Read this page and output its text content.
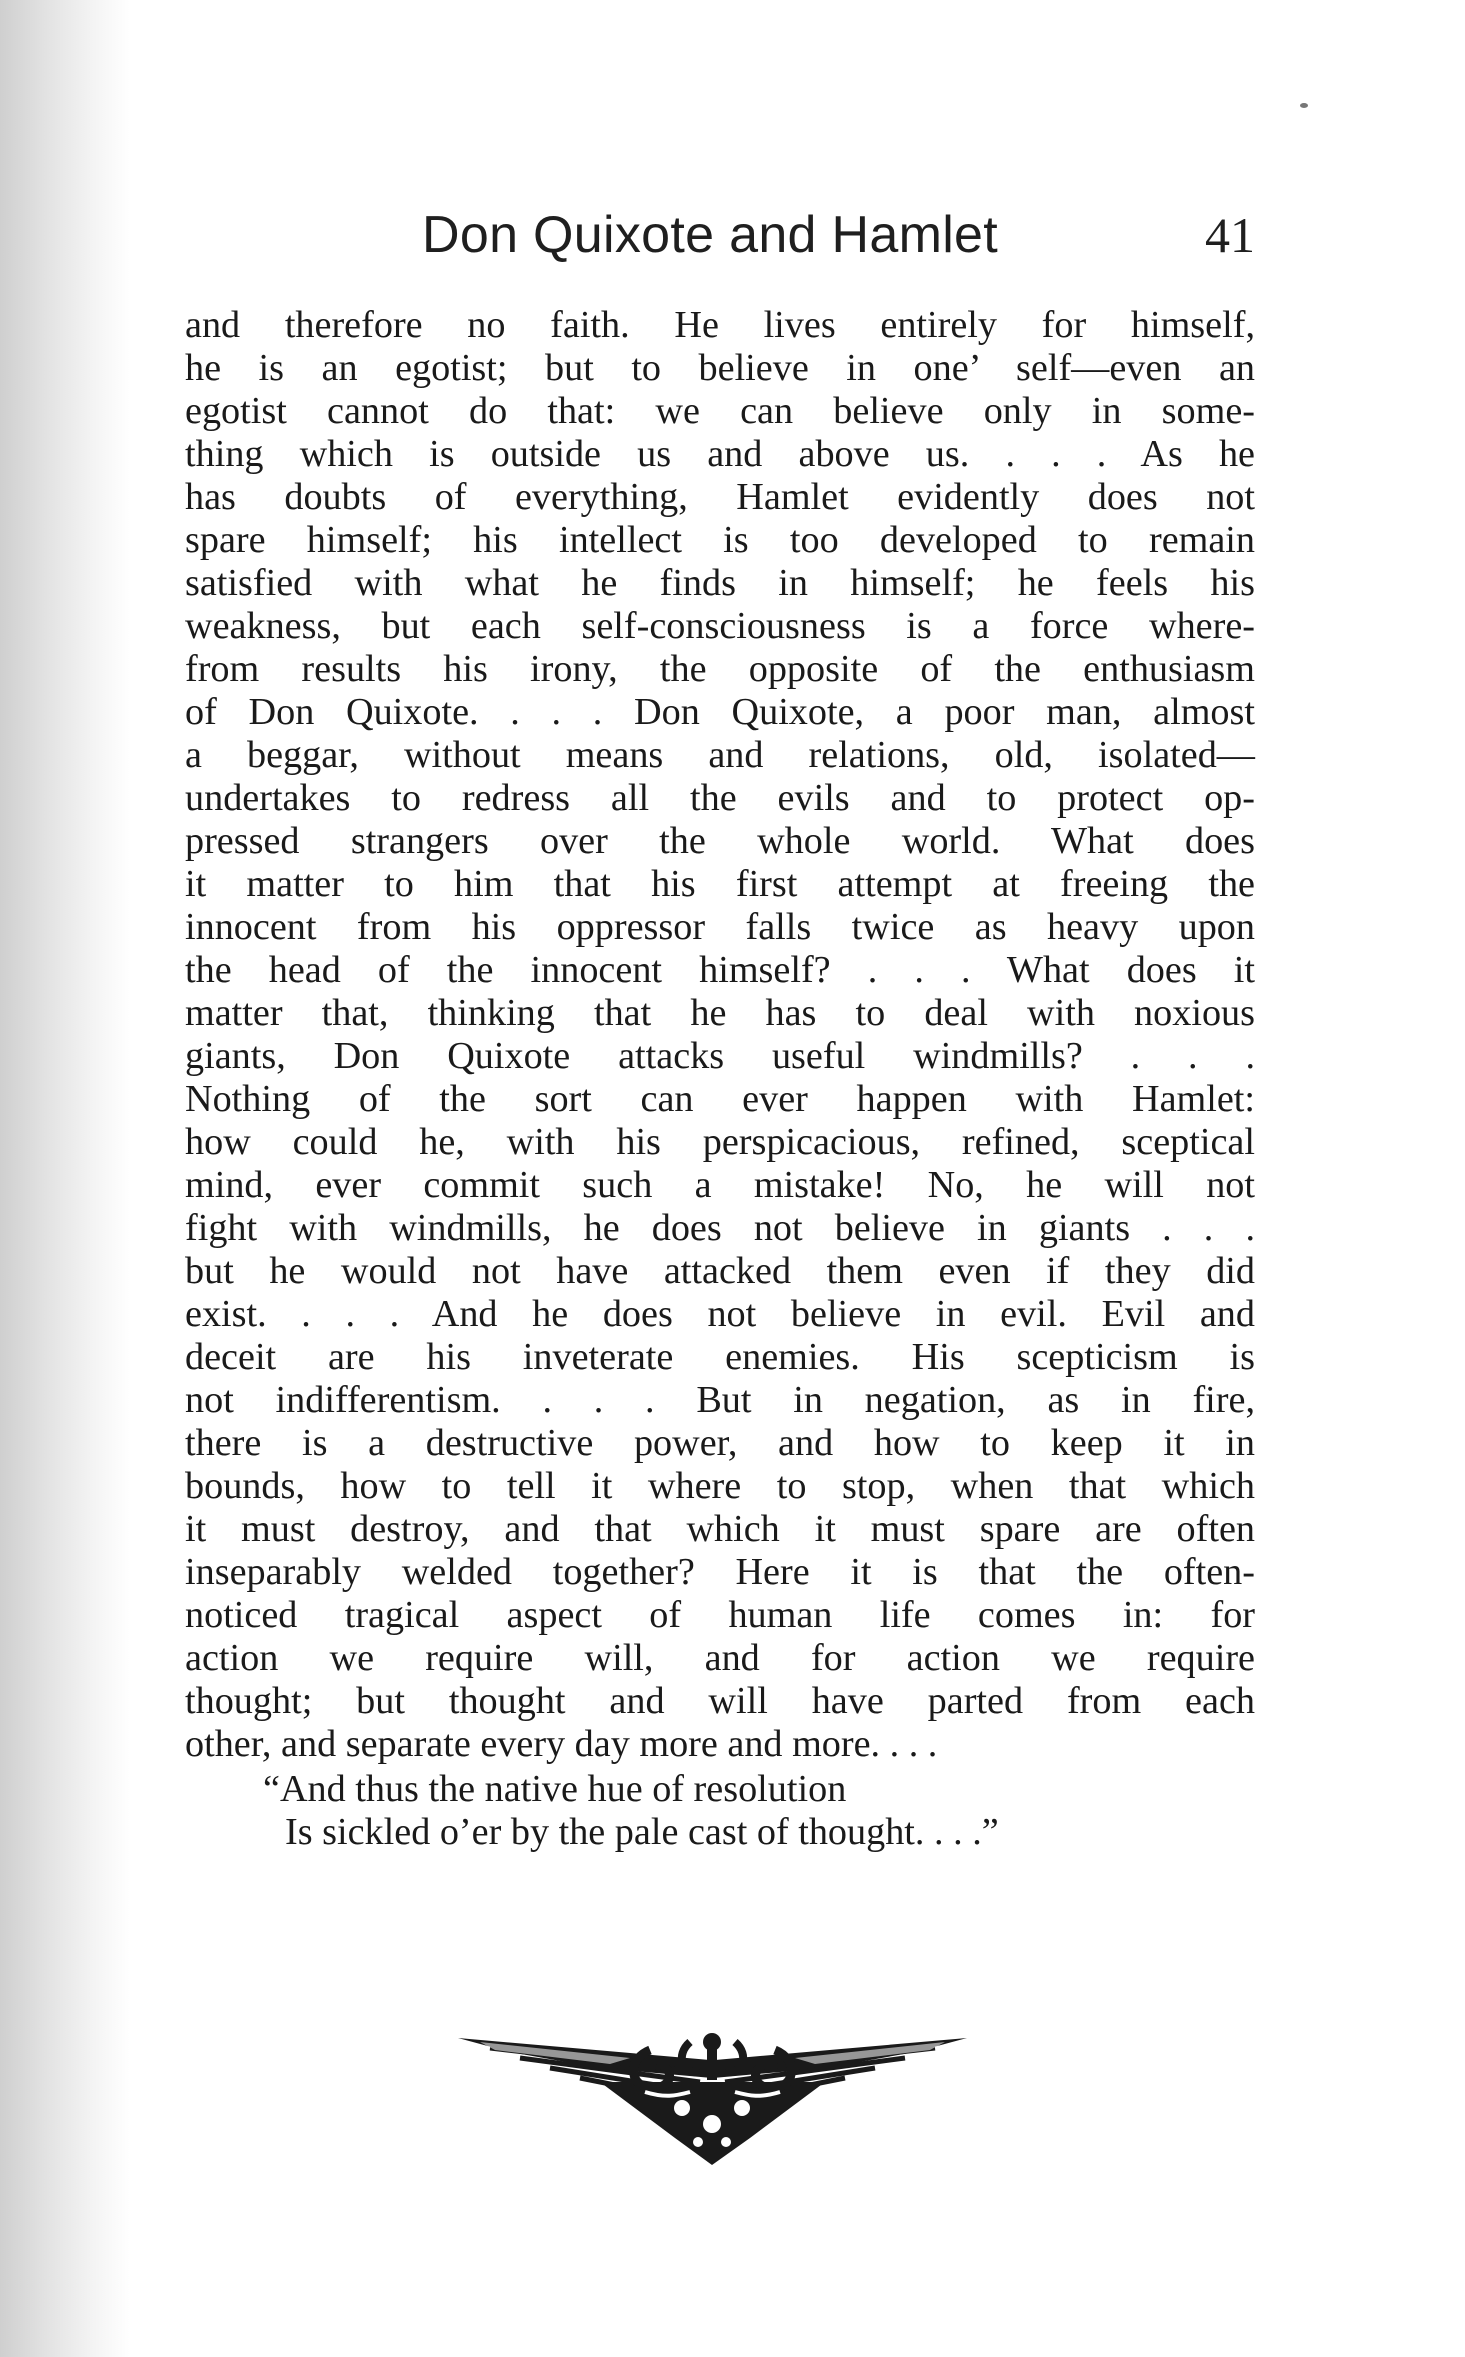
Don Quixote and Hamlet	41
and therefore no faith. He lives entirely for himself,
he is an egotist; but to believe in one’ self—even an
egotist cannot do that: we can believe only in some-
thing which is outside us and above us. . . . As he
has doubts of everything, Hamlet evidently does not
spare himself; his intellect is too developed to remain
satisfied with what he finds in himself; he feels his
weakness, but each self-consciousness is a force where-
from results his irony, the opposite of the enthusiasm
of Don Quixote. . . . Don Quixote, a poor man, almost
a beggar, without means and relations, old, isolated—
undertakes to redress all the evils and to protect op-
pressed strangers over the whole world. What does
it matter to him that his first attempt at freeing the
innocent from his oppressor falls twice as heavy upon
the head of the innocent himself? . . . What does it
matter that, thinking that he has to deal with noxious
giants, Don Quixote attacks useful windmills? . . .
Nothing of the sort can ever happen with Hamlet:
how could he, with his perspicacious, refined, sceptical
mind, ever commit such a mistake! No, he will not
fight with windmills, he does not believe in giants . . .
but he would not have attacked them even if they did
exist. . . . And he does not believe in evil. Evil and
deceit are his inveterate enemies. His scepticism is
not indifferentism. . . . But in negation, as in fire,
there is a destructive power, and how to keep it in
bounds, how to tell it where to stop, when that which
it must destroy, and that which it must spare are often
inseparably welded together? Here it is that the often-
noticed tragical aspect of human life comes in: for
action we require will, and for action we require
thought; but thought and will have parted from each
other, and separate every day more and more. . . .
“And thus the native hue of resolution
Is sickled o’er by the pale cast of thought. . . .”
